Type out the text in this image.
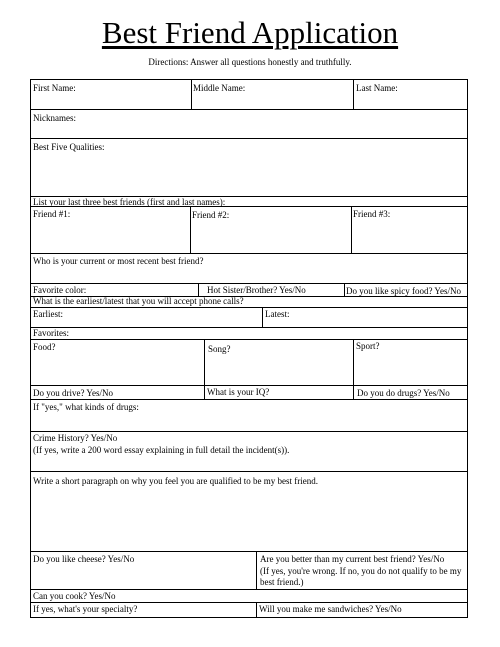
Best Friend Application
Directions: Answer all questions honestly and truthfully.
First Name:	Middle Name:	Last Name:
Nicknames:
Best Five Qualities:
List your last three best friends (first and last names):
Friend #1:	Friend #2:	Friend #3:
Who is your current or most recent best friend?
Favorite color:	Hot Sister/Brother? Yes/No	Do you like spicy food? Yes/No
What is the earliest/latest that you will accept phone calls?
Earliest:	Latest:
Favorites:
Food?	Song?	Sport?
Do you drive? Yes/No	What is your IQ?	Do you do drugs? Yes/No
If "yes," what kinds of drugs:
Crime History? Yes/No
(If yes, write a 200 word essay explaining in full detail the incident(s)).
Write a short paragraph on why you feel you are qualified to be my best friend.
Do you like cheese? Yes/No	Are you better than my current best friend? Yes/No
(If yes, you're wrong. If no, you do not qualify to be my best friend.)
Can you cook? Yes/No
If yes, what's your specialty?	Will you make me sandwiches? Yes/No
